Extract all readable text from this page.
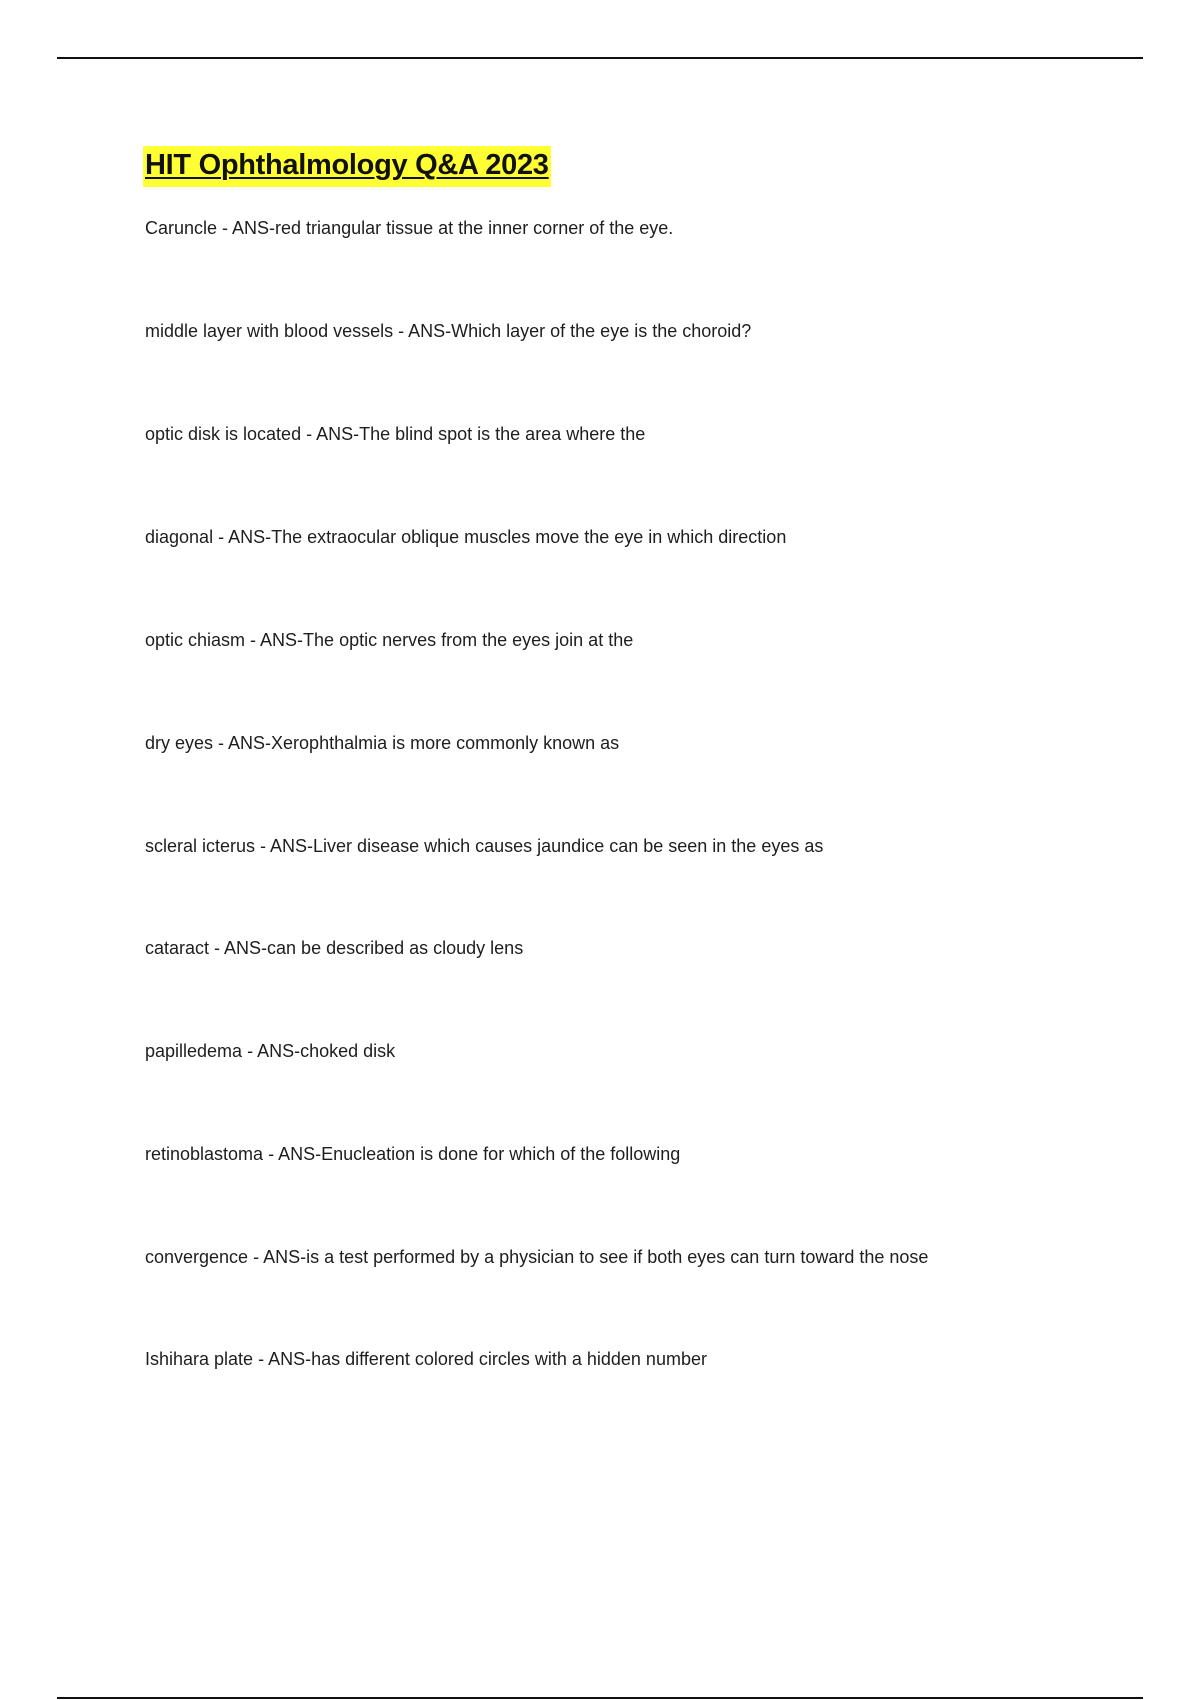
HIT Ophthalmology Q&A 2023
Caruncle - ANS-red triangular tissue at the inner corner of the eye.
middle layer with blood vessels - ANS-Which layer of the eye is the choroid?
optic disk is located - ANS-The blind spot is the area where the
diagonal - ANS-The extraocular oblique muscles move the eye in which direction
optic chiasm - ANS-The optic nerves from the eyes join at the
dry eyes - ANS-Xerophthalmia is more commonly known as
scleral icterus - ANS-Liver disease which causes jaundice can be seen in the eyes as
cataract - ANS-can be described as cloudy lens
papilledema - ANS-choked disk
retinoblastoma - ANS-Enucleation is done for which of the following
convergence - ANS-is a test performed by a physician to see if both eyes can turn toward the nose
Ishihara plate - ANS-has different colored circles with a hidden number
